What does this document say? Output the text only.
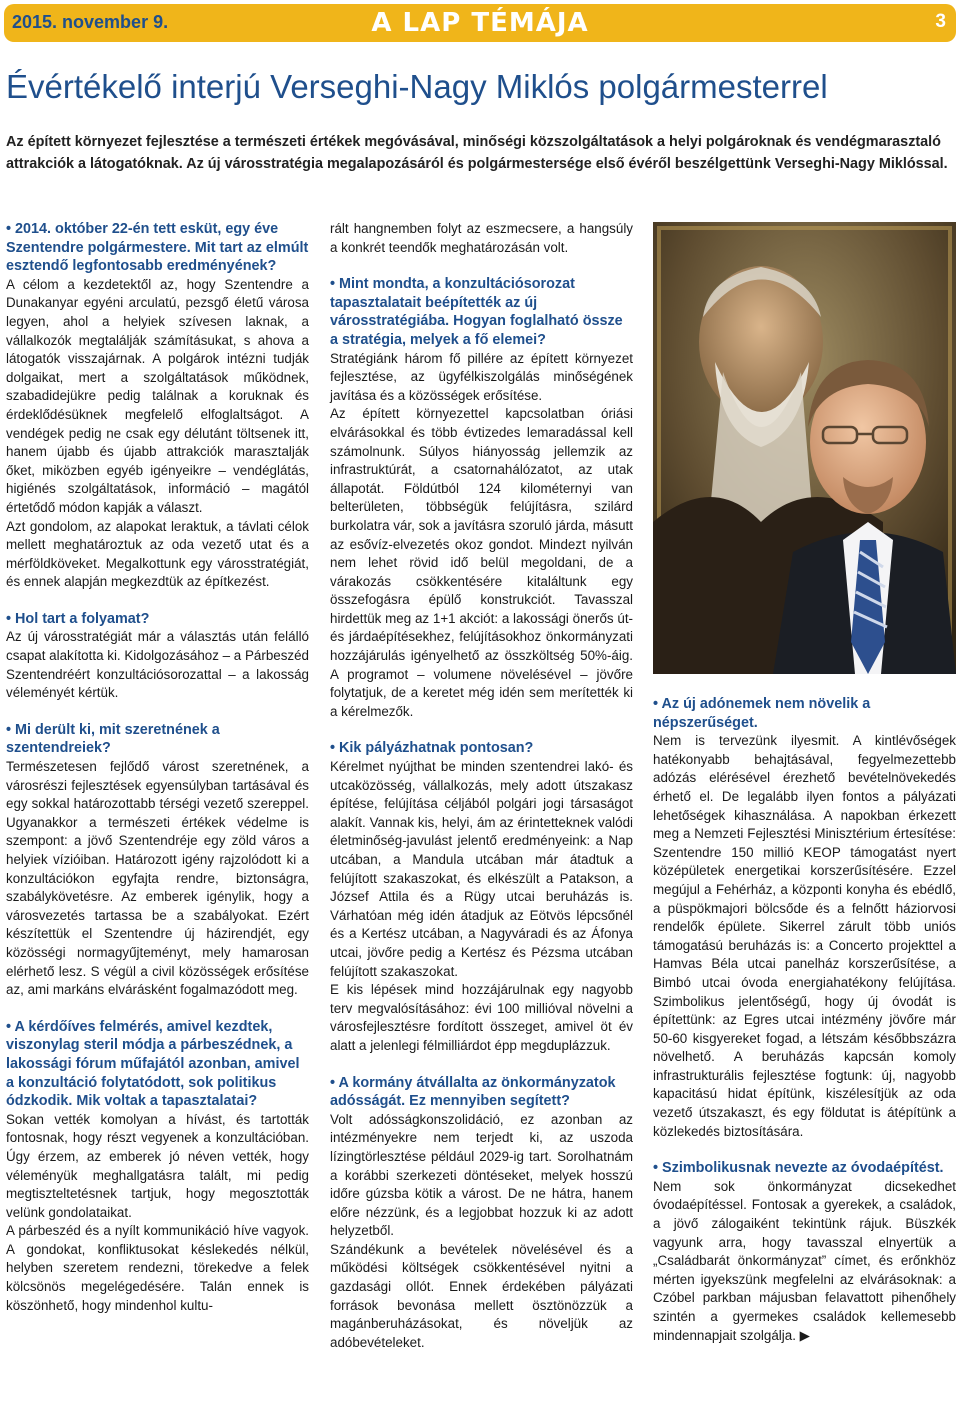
2015. november 9.	A LAP TÉMÁJA	3
Évértékelő interjú Verseghi-Nagy Miklós polgármesterrel

Az épített környezet fejlesztése a természeti értékek megóvásával, minőségi közszolgáltatások a helyi polgároknak és vendégmarasztaló attrakciók a látogatóknak. Az új városstratégia megalapozásáról és polgármestersége első évéről beszélgettünk Verseghi-Nagy Miklóssal.

• 2014. október 22-én tett esküt, egy éve Szentendre polgármestere. Mit tart az elmúlt esztendő legfontosabb eredményének?

A célom a kezdetektől az, hogy Szentendre a Dunakanyar egyéni arculatú, pezsgő életű városa legyen, ahol a helyiek szívesen laknak, a vállalkozók megtalálják számításukat, s ahova a látogatók visszajárnak. A polgárok intézni tudják dolgaikat, mert a szolgáltatások működnek, szabadidejükre pedig találnak a koruknak és érdeklődésüknek megfelelő elfoglaltságot. A vendégek pedig ne csak egy délutánt töltsenek itt, hanem újabb és újabb attrakciók marasztalják őket, miközben egyéb igényeikre – vendéglátás, higiénés szolgáltatások, információ – magától értetődő módon kapják a választ.

Azt gondolom, az alapokat leraktuk, a távlati célok mellett meghatároztuk az oda vezető utat és a mérföldköveket. Megalkottunk egy városstratégiát, és ennek alapján megkezdtük az építkezést.

• Hol tart a folyamat?

Az új városstratégiát már a választás után felálló csapat alakította ki. Kidolgozásához – a Párbeszéd Szentendréért konzultációsorozattal – a lakosság véleményét kértük.

• Mi derült ki, mit szeretnének a szentendreiek?

Természetesen fejlődő várost szeretnének, a városrészi fejlesztések egyensúlyban tartásával és egy sokkal határozottabb térségi vezető szereppel. Ugyanakkor a természeti értékek védelme is szempont: a jövő Szentendréje egy zöld város a helyiek vízióiban. Határozott igény rajzolódott ki a konzultációkon egyfajta rendre, biztonságra, szabálykövetésre. Az emberek igénylik, hogy a városvezetés tartassa be a szabályokat. Ezért készítettük el Szentendre új házirendjét, egy közösségi normagyűjteményt, mely hamarosan elérhető lesz. S végül a civil közösségek erősítése az, ami markáns elvárásként fogalmazódott meg.

• A kérdőíves felmérés, amivel kezdtek, viszonylag steril módja a párbeszédnek, a lakossági fórum műfajától azonban, amivel a konzultáció folytatódott, sok politikus ódzkodik. Mik voltak a tapasztalatai?

Sokan vették komolyan a hívást, és tartották fontosnak, hogy részt vegyenek a konzultációban. Úgy érzem, az emberek jó néven vették, hogy véleményük meghallgatásra talált, mi pedig megtiszteltetésnek tartjuk, hogy megosztották velünk gondolataikat.

A párbeszéd és a nyílt kommunikáció híve vagyok. A gondokat, konfliktusokat késlekedés nélkül, helyben szeretem rendezni, törekedve a felek kölcsönös megelégedésére. Talán ennek is köszönhető, hogy mindenhol kultu-

rált hangnemben folyt az eszmecsere, a hangsúly a konkrét teendők meghatározásán volt.

• Mint mondta, a konzultációsorozat tapasztalatait beépítették az új városstratégiába. Hogyan foglalható össze a stratégia, melyek a fő elemei?

Stratégiánk három fő pillére az épített környezet fejlesztése, az ügyfélkiszolgálás minőségének javítása és a közösségek erősítése.

Az épített környezettel kapcsolatban óriási elvárásokkal és több évtizedes lemaradással kell számolnunk. Súlyos hiányosság jellemzik az infrastruktúrát, a csatornahálózatot, az utak állapotát. Földútból 124 kilométernyi van belterületen, többségük felújításra, szilárd burkolatra vár, sok a javításra szoruló járda, másutt az esővíz-elvezetés okoz gondot. Mindezt nyilván nem lehet rövid idő belül megoldani, de a várakozás csökkentésére kitaláltunk egy összefogásra épülő konstrukciót. Tavasszal hirdettük meg az 1+1 akciót: a lakossági önerős út- és járdaépítésekhez, felújításokhoz önkormányzati hozzájárulás igényelhető az összköltség 50%-áig. A programot – volumene növelésével – jövőre folytatjuk, de a keretet még idén sem merítették ki a kérelmezők.

• Kik pályázhatnak pontosan?

Kérelmet nyújthat be minden szentendrei lakó- és utcaközösség, vállalkozás, mely adott útszakasz építése, felújítása céljából polgári jogi társaságot alakít. Vannak kis, helyi, ám az érintetteknek valódi életminőség-javulást jelentő eredményeink: a Nap utcában, a Mandula utcában már átadtuk a felújított szakaszokat, és elkészült a Patakson, a József Attila és a Rügy utcai beruházás is. Várhatóan még idén átadjuk az Eötvös lépcsőnél és a Kertész utcában, a Nagyváradi és az Áfonya utcai, jövőre pedig a Kertész és Pézsma utcában felújított szakaszokat.

E kis lépések mind hozzájárulnak egy nagyobb terv megvalósításához: évi 100 millióval növelni a városfejlesztésre fordított összeget, amivel öt év alatt a jelenlegi félmilliárdot épp megduplázzuk.

• A kormány átvállalta az önkormányzatok adósságát. Ez mennyiben segített?

Volt adósságkonszolidáció, ez azonban az intézményekre nem terjedt ki, az uszoda lízingtörlesztése például 2029-ig tart. Sorolhatnám a korábbi szerkezeti döntéseket, melyek hosszú időre gúzsba kötik a várost. De ne hátra, hanem előre nézzünk, és a legjobbat hozzuk ki az adott helyzetből.

Szándékunk a bevételek növelésével és a működési költségek csökkentésével nyitni a gazdasági ollót. Ennek érdekében pályázati források bevonása mellett ösztönözzük a magánberuházásokat, és növeljük az adóbevételeket.

• Az új adónemek nem növelik a népszerűséget.

Nem is tervezünk ilyesmit. A kintlévőségek hatékonyabb behajtásával, fegyelmezettebb adózás elérésével érezhető bevételnövekedés érhető el. De legalább ilyen fontos a pályázati lehetőségek kihasználása. A napokban érkezett meg a Nemzeti Fejlesztési Minisztérium értesítése: Szentendre 150 millió KEOP támogatást nyert középületek energetikai korszerűsítésére. Ezzel megújul a Fehérház, a központi konyha és ebédlő, a püspökmajori bölcsőde és a felnőtt háziorvosi rendelők épülete. Sikerrel zárult több uniós támogatású beruházás is: a Concerto projekttel a Hamvas Béla utcai panelház korszerűsítése, a Bimbó utcai óvoda energiahatékony felújítása. Szimbolikus jelentőségű, hogy új óvodát is építettünk: az Egres utcai intézmény jövőre már 50-60 kisgyereket fogad, a létszám későbbszázra növelhető. A beruházás kapcsán komoly infrastrukturális fejlesztése fogtunk: új, nagyobb kapacitású hidat építünk, kiszélesítjük az oda vezető útszakaszt, és egy földutat is átépítünk a közlekedés biztosítására.

• Szimbolikusnak nevezte az óvodaépítést.

Nem sok önkormányzat dicsekedhet óvodaépítéssel. Fontosak a gyerekek, a családok, a jövő zálogaiként tekintünk rájuk. Büszkék vagyunk arra, hogy tavasszal elnyertük a „Családbarát önkormányzat” címet, és erőnkhöz mérten igyekszünk megfelelni az elvárásoknak: a Czóbel parkban májusban felavattott pihenőhely szintén a gyermekes családok kellemesebb mindennapjait szolgálja. ▶
